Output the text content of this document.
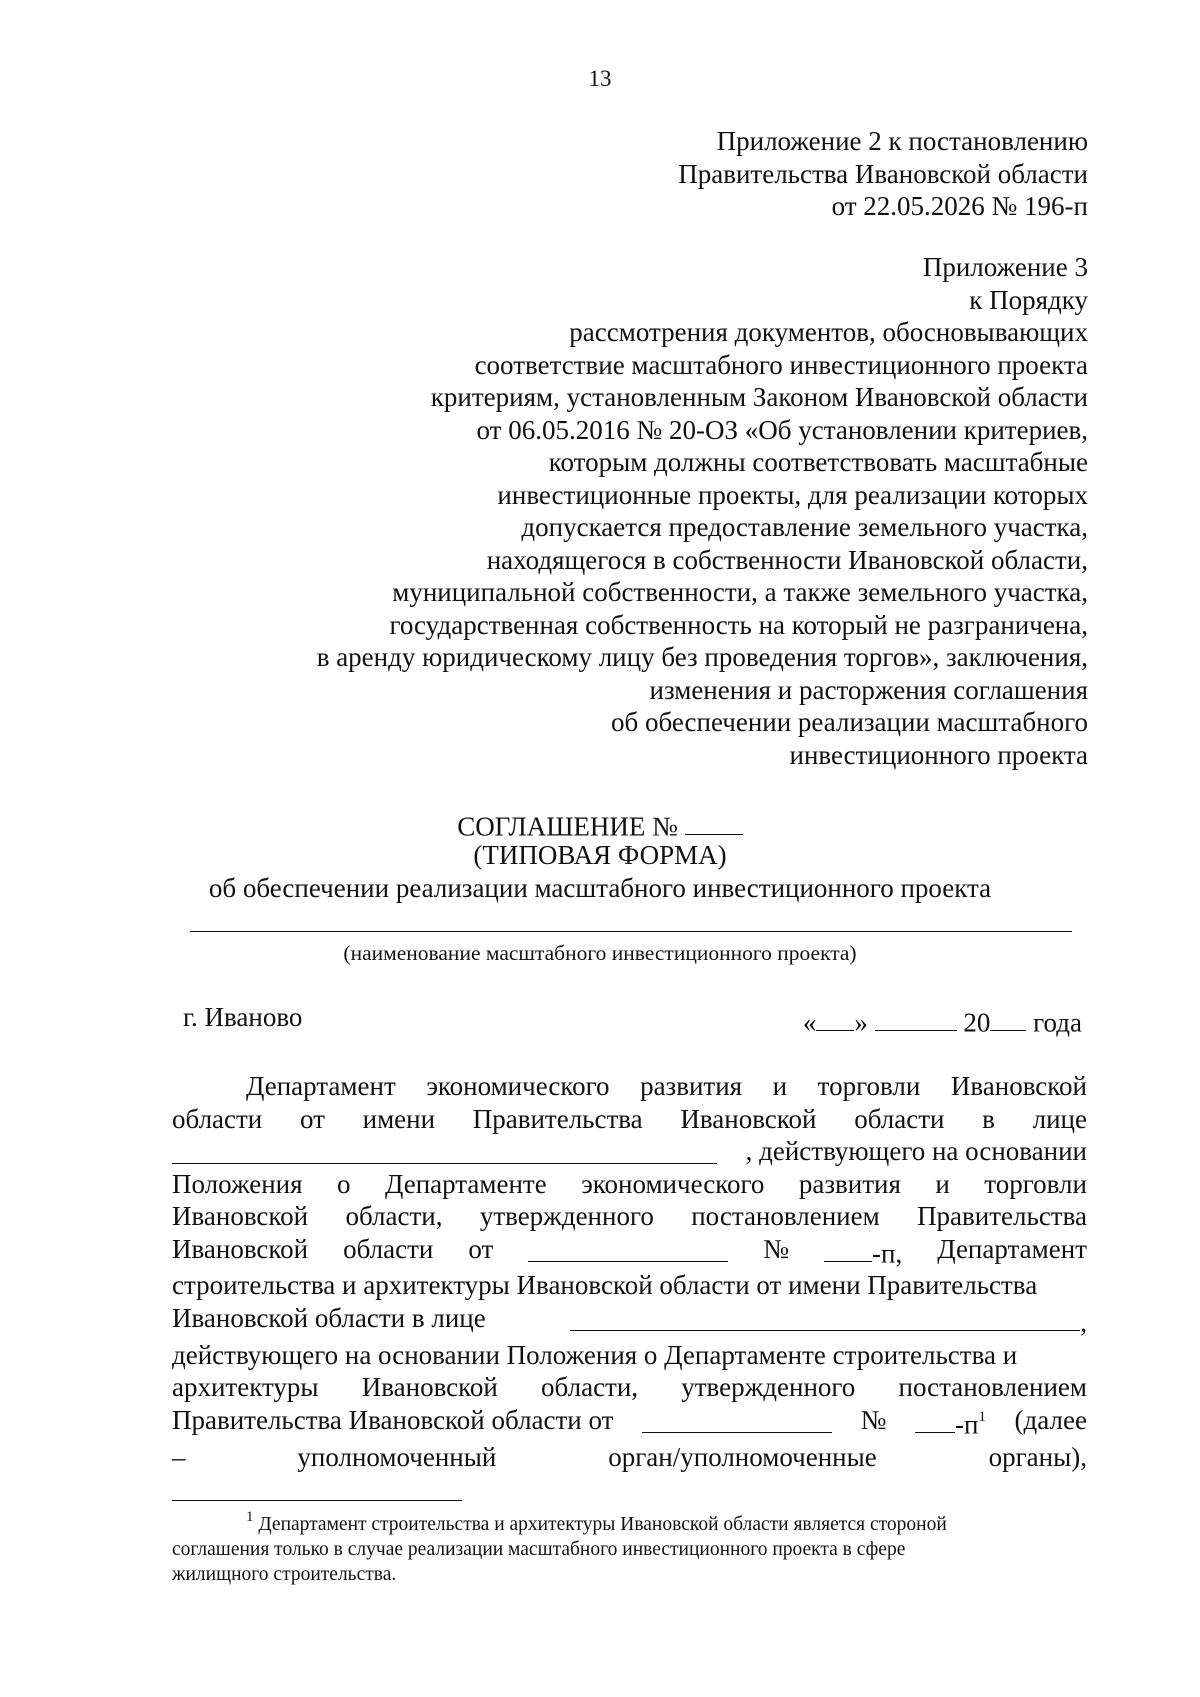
13
Приложение 2 к постановлению
Правительства Ивановской области
от 22.05.2026 № 196-п
Приложение 3
к Порядку
рассмотрения документов, обосновывающих
соответствие масштабного инвестиционного проекта
критериям, установленным Законом Ивановской области
от 06.05.2016 № 20-ОЗ «Об установлении критериев,
которым должны соответствовать масштабные
инвестиционные проекты, для реализации которых
допускается предоставление земельного участка,
находящегося в собственности Ивановской области,
муниципальной собственности, а также земельного участка,
государственная собственность на который не разграничена,
в аренду юридическому лицу без проведения торгов», заключения,
изменения и расторжения соглашения
об обеспечении реализации масштабного
инвестиционного проекта
СОГЛАШЕНИЕ №
(ТИПОВАЯ ФОРМА)
об обеспечении реализации масштабного инвестиционного проекта
(наименование масштабного инвестиционного проекта)
г. Иваново	« »	20 года
Департамент экономического развития и торговли Ивановской
области от имени Правительства Ивановской области в лице
, действующего на основании
Положения о Департаменте экономического развития и торговли
Ивановской области, утвержденного постановлением Правительства
Ивановской области от	№	-п, Департамент
строительства и архитектуры Ивановской области от имени Правительства
Ивановской области в лице	,
действующего на основании Положения о Департаменте строительства и
архитектуры Ивановской области, утвержденного постановлением
Правительства Ивановской области от	№	$-п^1$ (далее
–	уполномоченный	орган/уполномоченные	органы),
$^1$ Департамент строительства и архитектуры Ивановской области является стороной
соглашения только в случае реализации масштабного инвестиционного проекта в сфере
жилищного строительства.
